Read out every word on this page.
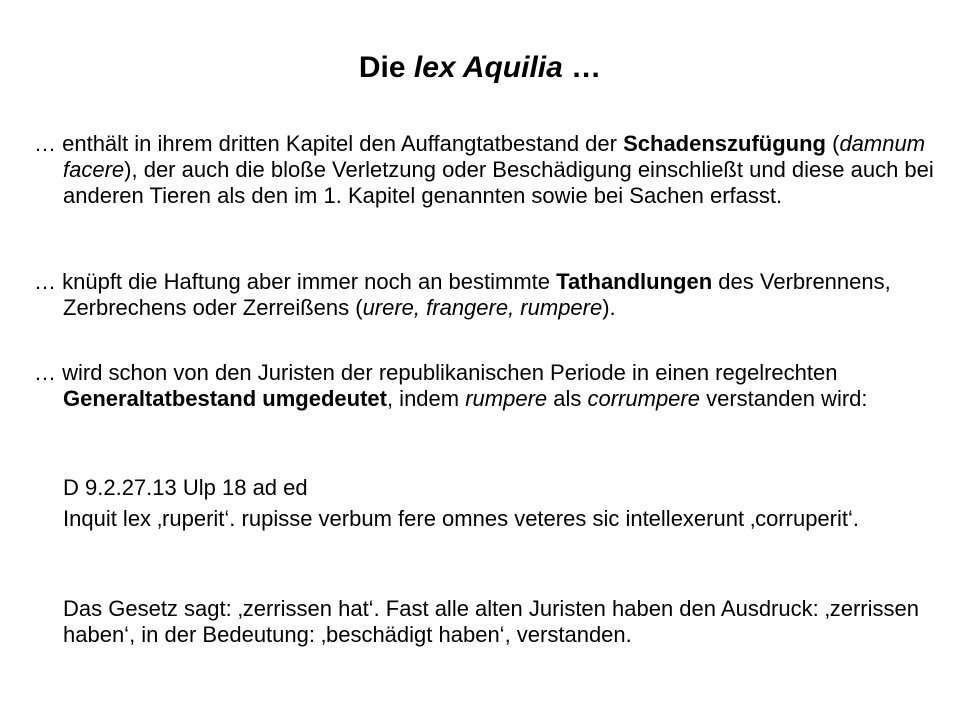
Die lex Aquilia …

… enthält in ihrem dritten Kapitel den Auffangtatbestand der Schadenszufügung (damnum facere), der auch die bloße Verletzung oder Beschädigung einschließt und diese auch bei anderen Tieren als den im 1. Kapitel genannten sowie bei Sachen erfasst.

… knüpft die Haftung aber immer noch an bestimmte Tathandlungen des Verbrennens, Zerbrechens oder Zerreißens (urere, frangere, rumpere).

… wird schon von den Juristen der republikanischen Periode in einen regelrechten Generaltatbestand umgedeutet, indem rumpere als corrumpere verstanden wird:

D 9.2.27.13 Ulp 18 ad ed

Inquit lex ‚ruperit‘. rupisse verbum fere omnes veteres sic intellexerunt ‚corruperit‘.

Das Gesetz sagt: ‚zerrissen hat‘. Fast alle alten Juristen haben den Ausdruck: ‚zerrissen haben‘, in der Bedeutung: ‚beschädigt haben‘, verstanden.
